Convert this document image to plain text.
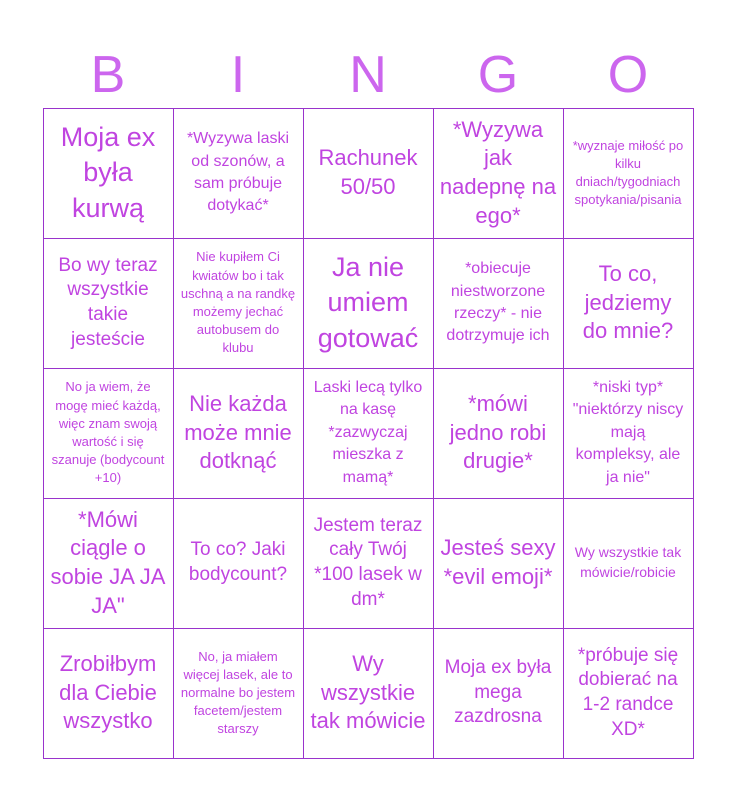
B	I	N	G	O
Moja ex była kurwą
*Wyzywa laski od szonów, a sam próbuje dotykać*
Rachunek 50/50
*Wyzywa jak nadepnę na ego*
*wyznaje miłość po kilku dniach/tygodniach spotykania/pisania
Bo wy teraz wszystkie takie jesteście
Nie kupiłem Ci kwiatów bo i tak uschną a na randkę możemy jechać autobusem do klubu
Ja nie umiem gotować
*obiecuje niestworzone rzeczy* - nie dotrzymuje ich
To co, jedziemy do mnie?
No ja wiem, że mogę mieć każdą, więc znam swoją wartość i się szanuje (bodycount +10)
Nie każda może mnie dotknąć
Laski lecą tylko na kasę *zazwyczaj mieszka z mamą*
*mówi jedno robi drugie*
*niski typ* "niektórzy niscy mają kompleksy, ale ja nie"
*Mówi ciągle o sobie JA JA JA"
To co? Jaki bodycount?
Jestem teraz cały Twój *100 lasek w dm*
Jesteś sexy *evil emoji*
Wy wszystkie tak mówicie/robicie
Zrobiłbym dla Ciebie wszystko
No, ja miałem więcej lasek, ale to normalne bo jestem facetem/jestem starszy
Wy wszystkie tak mówicie
Moja ex była mega zazdrosna
*próbuje się dobierać na 1-2 randce XD*
